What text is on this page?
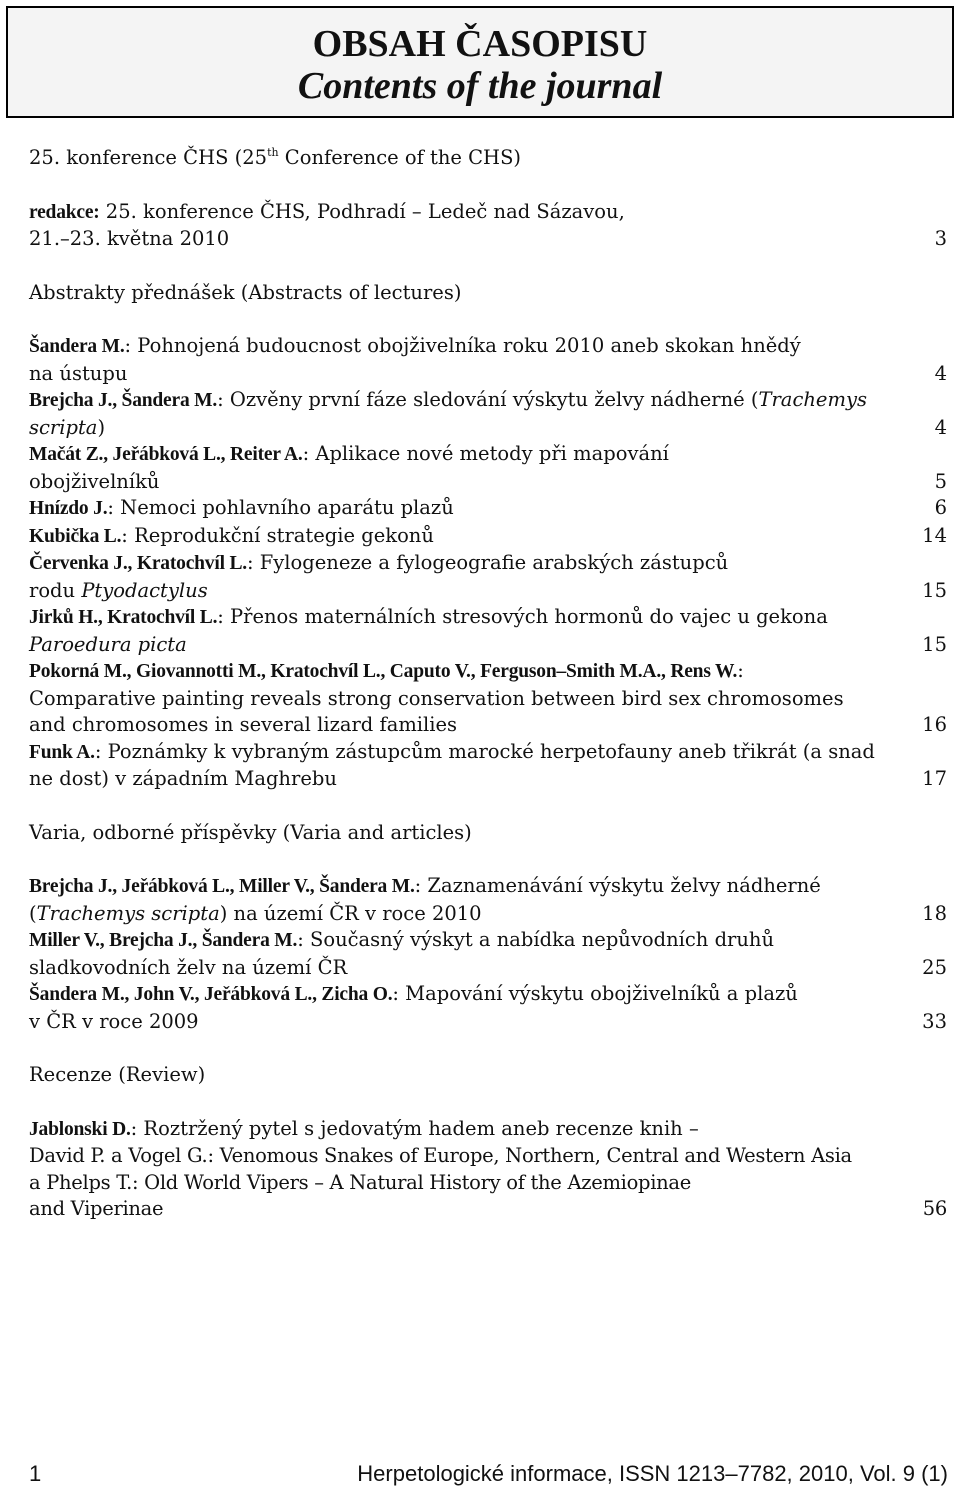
OBSAH ČASOPISU
Contents of the journal
25. konference ČHS (25th Conference of the CHS)
redakce: 25. konference ČHS, Podhradí – Ledeč nad Sázavou,
21.–23. května 2010	3
Abstrakty přednášek (Abstracts of lectures)
Šandera M.: Pohnojená budoucnost obojživelníka roku 2010 aneb skokan hnědý
na ústupu	4
Brejcha J., Šandera M.: Ozvěny první fáze sledování výskytu želvy nádherné (Trachemys
scripta)	4
Mačát Z., Jeřábková L., Reiter A.: Aplikace nové metody při mapování
obojživelníků	5
Hnízdo J.: Nemoci pohlavního aparátu plazů	6
Kubička L.: Reprodukční strategie gekonů	14
Červenka J., Kratochvíl L.: Fylogeneze a fylogeografie arabských zástupců
rodu Ptyodactylus	15
Jirků H., Kratochvíl L.: Přenos maternálních stresových hormonů do vajec u gekona
Paroedura picta	15
Pokorná M., Giovannotti M., Kratochvíl L., Caputo V., Ferguson–Smith M.A., Rens W.:
Comparative painting reveals strong conservation between bird sex chromosomes
and chromosomes in several lizard families	16
Funk A.: Poznámky k vybraným zástupcům marocké herpetofauny aneb třikrát (a snad
ne dost) v západním Maghrebu	17
Varia, odborné příspěvky (Varia and articles)
Brejcha J., Jeřábková L., Miller V., Šandera M.: Zaznamenávání výskytu želvy nádherné
(Trachemys scripta) na území ČR v roce 2010	18
Miller V., Brejcha J., Šandera M.: Současný výskyt a nabídka nepůvodních druhů
sladkovodních želv na území ČR	25
Šandera M., John V., Jeřábková L., Zicha O.: Mapování výskytu obojživelníků a plazů
v ČR v roce 2009	33
Recenze (Review)
Jablonski D.: Roztržený pytel s jedovatým hadem aneb recenze knih –
David P. a Vogel G.: Venomous Snakes of Europe, Northern, Central and Western Asia
a Phelps T.: Old World Vipers – A Natural History of the Azemiopinae
and Viperinae	56
1	Herpetologické informace, ISSN 1213–7782, 2010, Vol. 9 (1)
